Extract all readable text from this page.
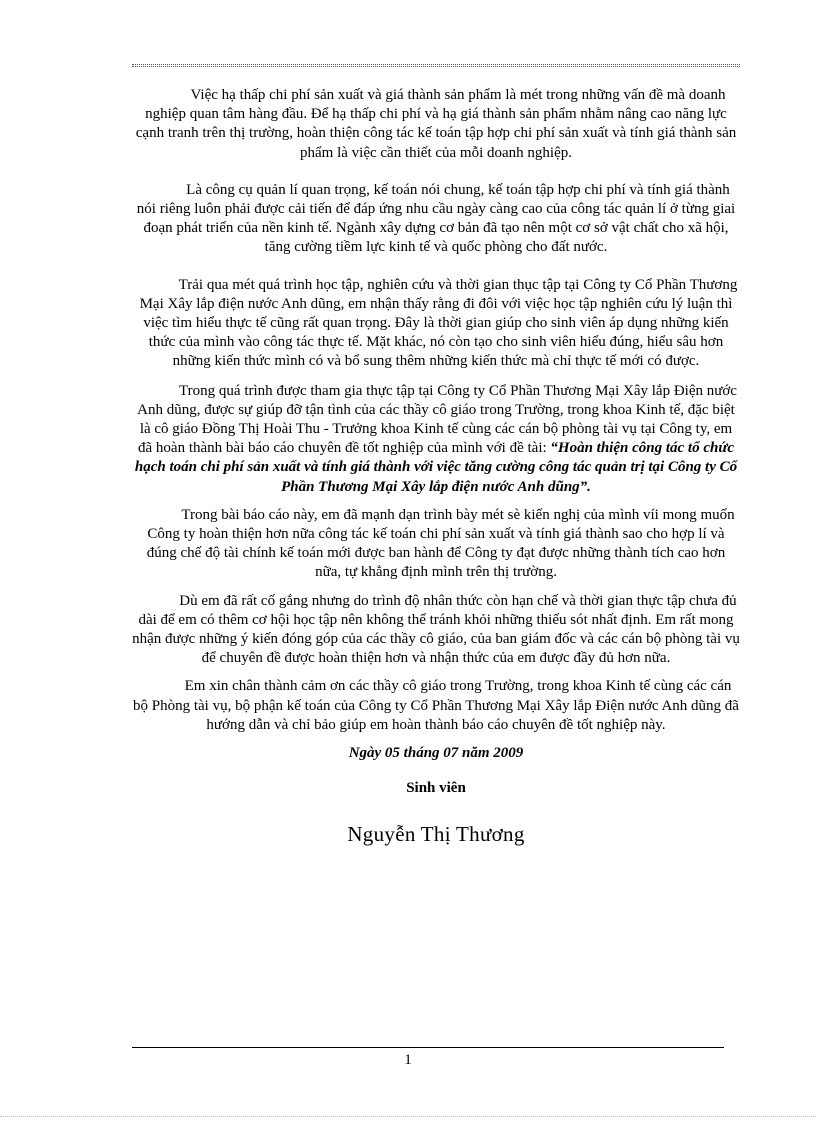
Việc hạ thấp chi phí sản xuất và giá thành sản phẩm là mét trong những vấn đề mà doanh nghiệp quan tâm hàng đầu. Để hạ thấp chi phí và hạ giá thành sản phẩm nhằm nâng cao năng lực cạnh tranh trên thị trường, hoàn thiện công tác kế toán tập hợp chi phí sản xuất và tính giá thành sản phẩm là việc cần thiết của mỗi doanh nghiệp.

Là công cụ quản lí quan trọng, kế toán nói chung, kế toán tập hợp chi phí và tính giá thành nói riêng luôn phải được cải tiến để đáp ứng nhu cầu ngày càng cao của công tác quản lí ở từng giai đoạn phát triển của nền kinh tế. Ngành xây dựng cơ bản đã tạo nên một cơ sở vật chất cho xã hội, tăng cường tiềm lực kinh tế và quốc phòng cho đất nước.

Trải qua mét quá trình học tập, nghiên cứu và thời gian thục tập tại Công ty Cổ Phần Thương Mại Xây lắp điện nước Anh dũng, em nhận thấy rằng đi đôi với việc học tập nghiên cứu lý luận thì việc tìm hiểu thực tế cũng rất quan trọng. Đây là thời gian giúp cho sinh viên áp dụng những kiến thức của mình vào công tác thực tế. Mặt khác, nó còn tạo cho sinh viên hiểu đúng, hiểu sâu hơn những kiến thức mình có và bổ sung thêm những kiến thức mà chỉ thực tế mới có được.

Trong quá trình được tham gia thực tập tại Công ty Cổ Phần Thương Mại Xây lắp Điện nước Anh dũng, được sự giúp đỡ tận tình của các thầy cô giáo trong Trường, trong khoa Kinh tế, đặc biệt là cô giáo Đồng Thị Hoài Thu - Trưởng khoa Kinh tế cùng các cán bộ phòng tài vụ tại Công ty, em đã hoàn thành bài báo cáo chuyên đề tốt nghiệp của mình với đề tài: “Hoàn thiện công tác tổ chức hạch toán chi phí sản xuất và tính giá thành với việc tăng cường công tác quản trị tại Công ty Cổ Phần Thương Mại Xây lắp điện nước Anh dũng”.

Trong bài báo cáo này, em đã mạnh dạn trình bày mét sè kiến nghị của mình víi mong muốn Công ty hoàn thiện hơn nữa công tác kế toán chi phí sản xuất và tính giá thành sao cho hợp lí và đúng chế độ tài chính kế toán mới được ban hành để Công ty đạt được những thành tích cao hơn nữa, tự khẳng định mình trên thị trường.

Dù em đã rất cố gắng nhưng do trình độ nhân thức còn hạn chế và thời gian thực tập chưa đủ dài để em có thêm cơ hội học tập nên không thể tránh khỏi những thiếu sót nhất định. Em rất mong nhận được những ý kiến đóng góp của các thầy cô giáo, của ban giám đốc và các cán bộ phòng tài vụ để chuyên đề được hoàn thiện hơn và nhận thức của em được đầy đủ hơn nữa.

Em xin chân thành cảm ơn các thầy cô giáo trong Trường, trong khoa Kinh tế cùng các cán bộ Phòng tài vụ, bộ phận kế toán của Công ty Cổ Phần Thương Mại Xây lắp Điện nước Anh dũng đã hướng dẫn và chỉ bảo giúp em hoàn thành báo cáo chuyên đề tốt nghiệp này.

Ngày 05 tháng 07 năm 2009
Sinh viên
Nguyễn Thị Thương
1
